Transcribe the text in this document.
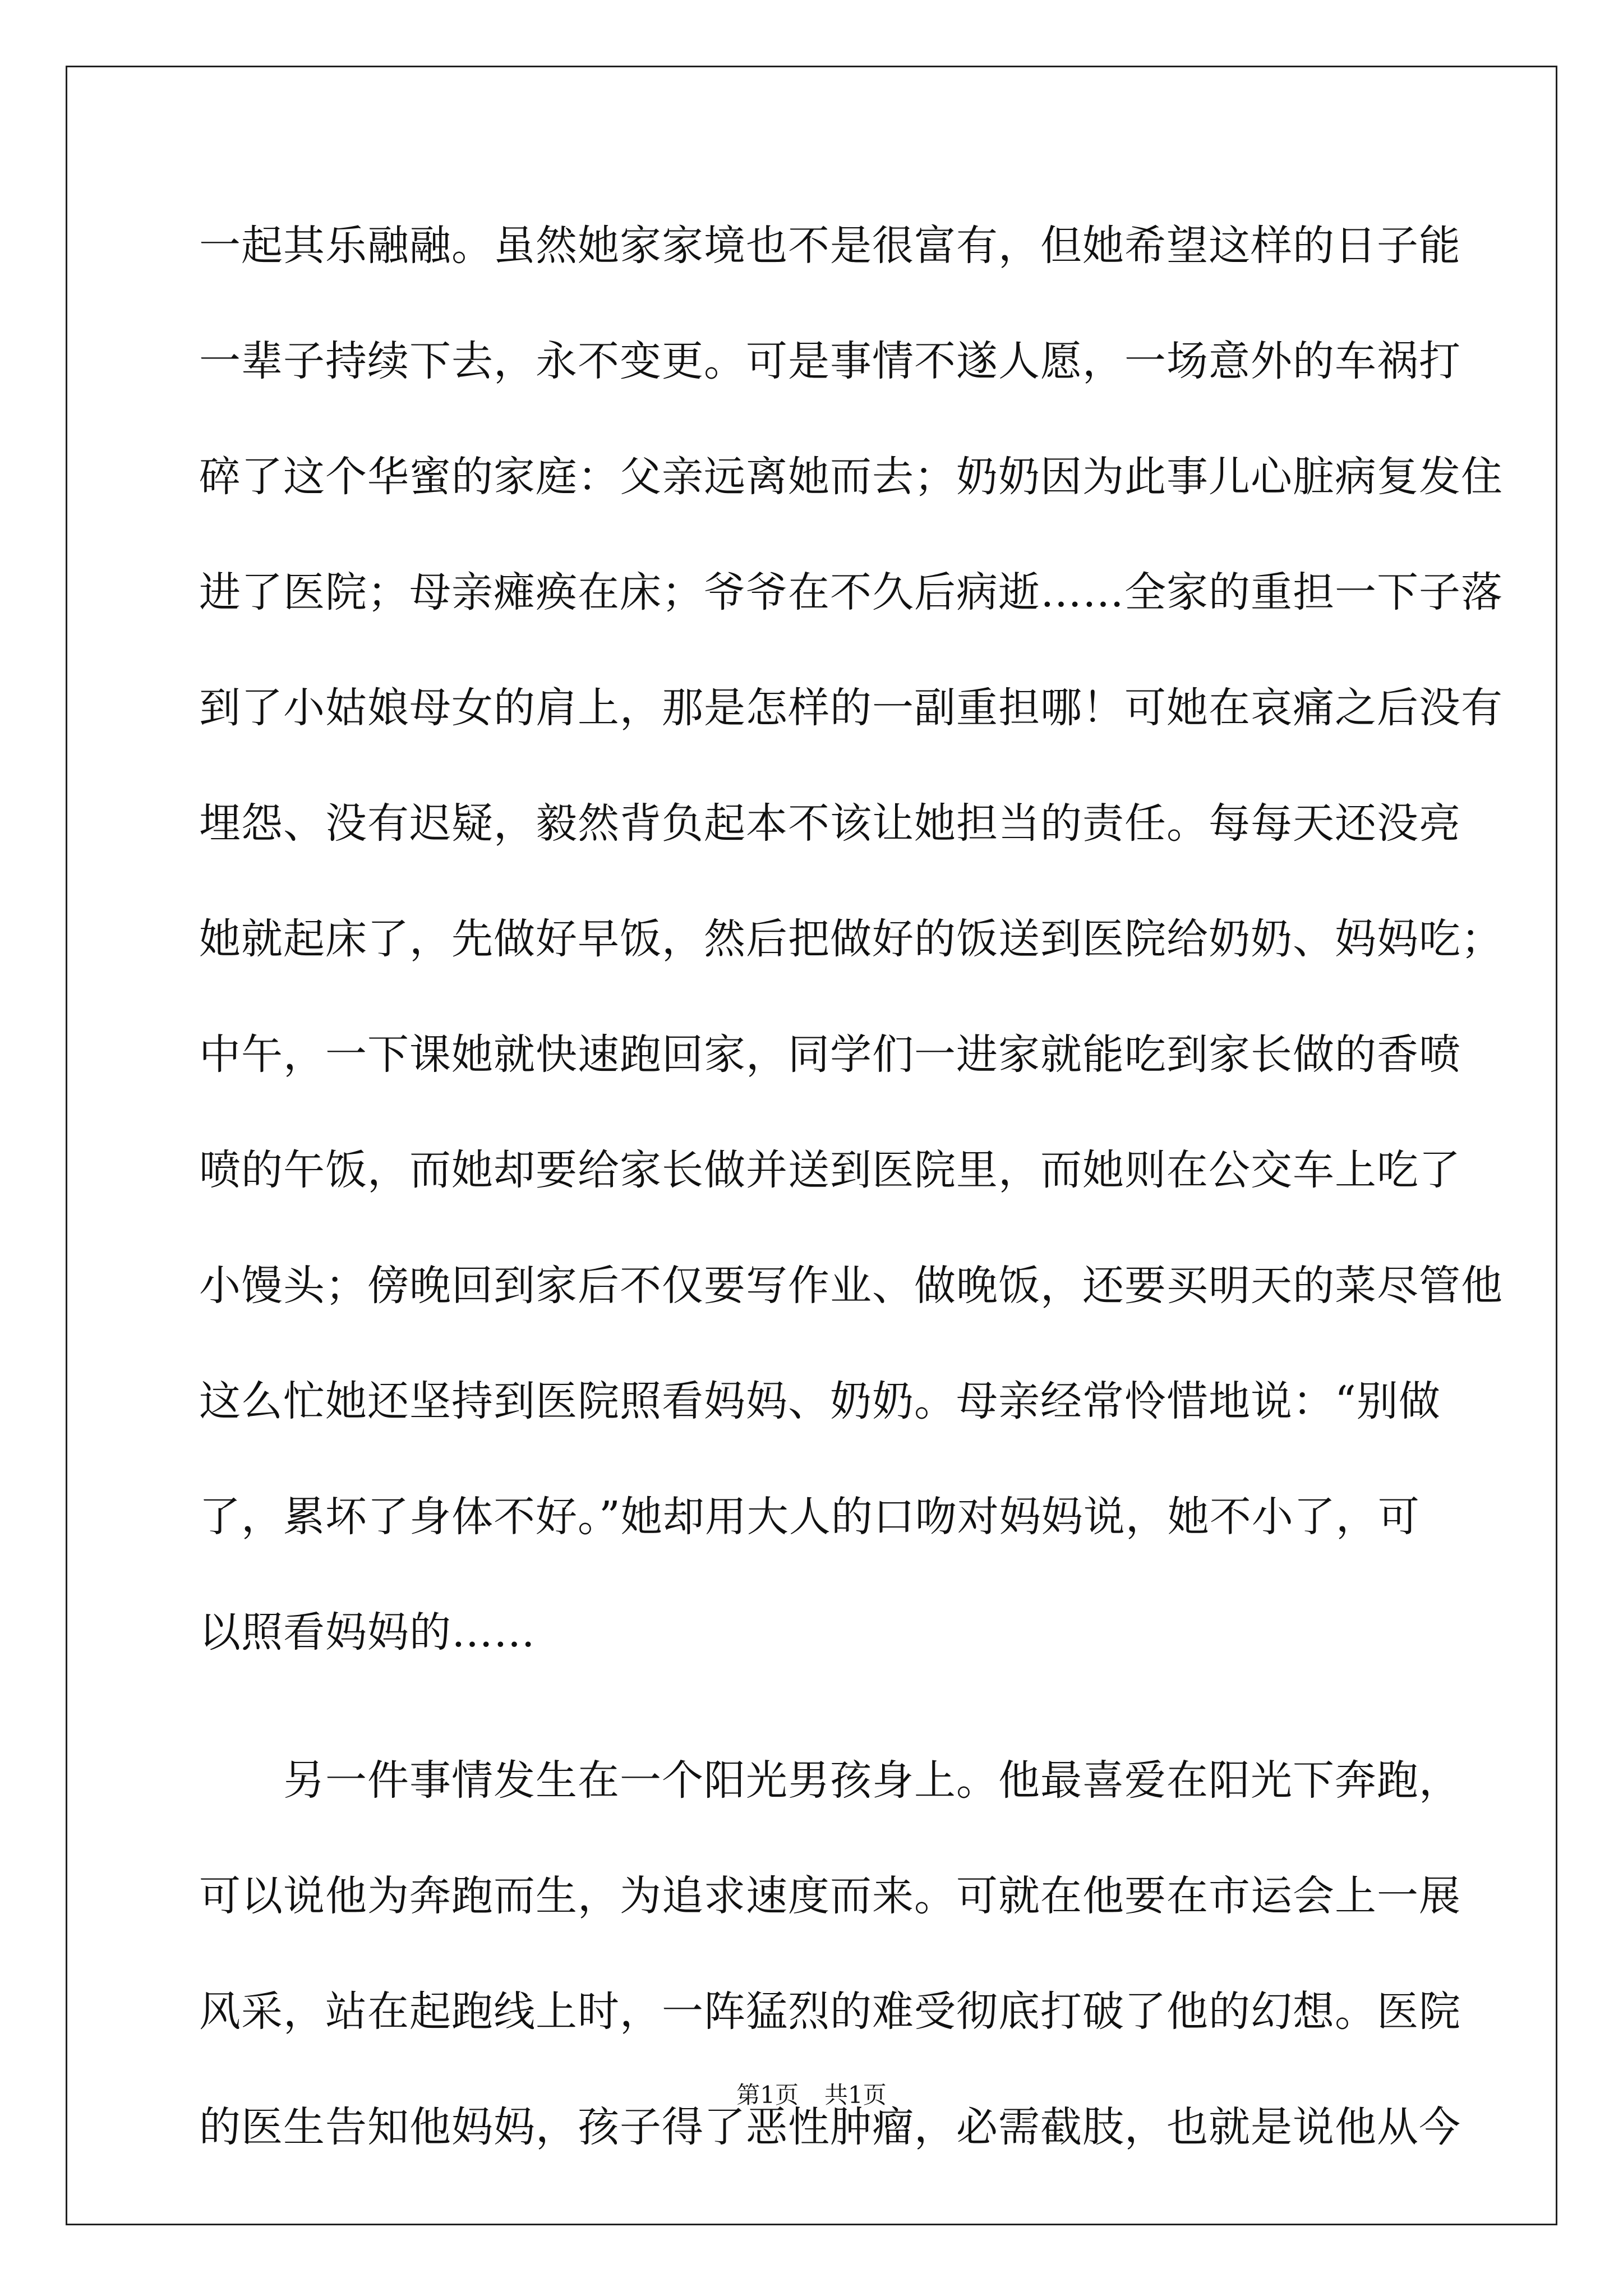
一起其乐融融。虽然她家家境也不是很富有，但她希望这样的日子能
一辈子持续下去，永不变更。可是事情不遂人愿，一场意外的车祸打
碎了这个华蜜的家庭：父亲远离她而去；奶奶因为此事儿心脏病复发住
进了医院；母亲瘫痪在床；爷爷在不久后病逝……全家的重担一下子落
到了小姑娘母女的肩上，那是怎样的一副重担哪！可她在哀痛之后没有
埋怨、没有迟疑，毅然背负起本不该让她担当的责任。每每天还没亮
她就起床了，先做好早饭，然后把做好的饭送到医院给奶奶、妈妈吃；
中午，一下课她就快速跑回家，同学们一进家就能吃到家长做的香喷
喷的午饭，而她却要给家长做并送到医院里，而她则在公交车上吃了
小馒头；傍晚回到家后不仅要写作业、做晚饭，还要买明天的菜尽管他
这么忙她还坚持到医院照看妈妈、奶奶。母亲经常怜惜地说：“别做
了，累坏了身体不好。”她却用大人的口吻对妈妈说，她不小了，可
以照看妈妈的……
另一件事情发生在一个阳光男孩身上。他最喜爱在阳光下奔跑，
可以说他为奔跑而生，为追求速度而来。可就在他要在市运会上一展
风采，站在起跑线上时，一阵猛烈的难受彻底打破了他的幻想。医院
的医生告知他妈妈，孩子得了恶性肿瘤，必需截肢，也就是说他从今
第1页 共1页
